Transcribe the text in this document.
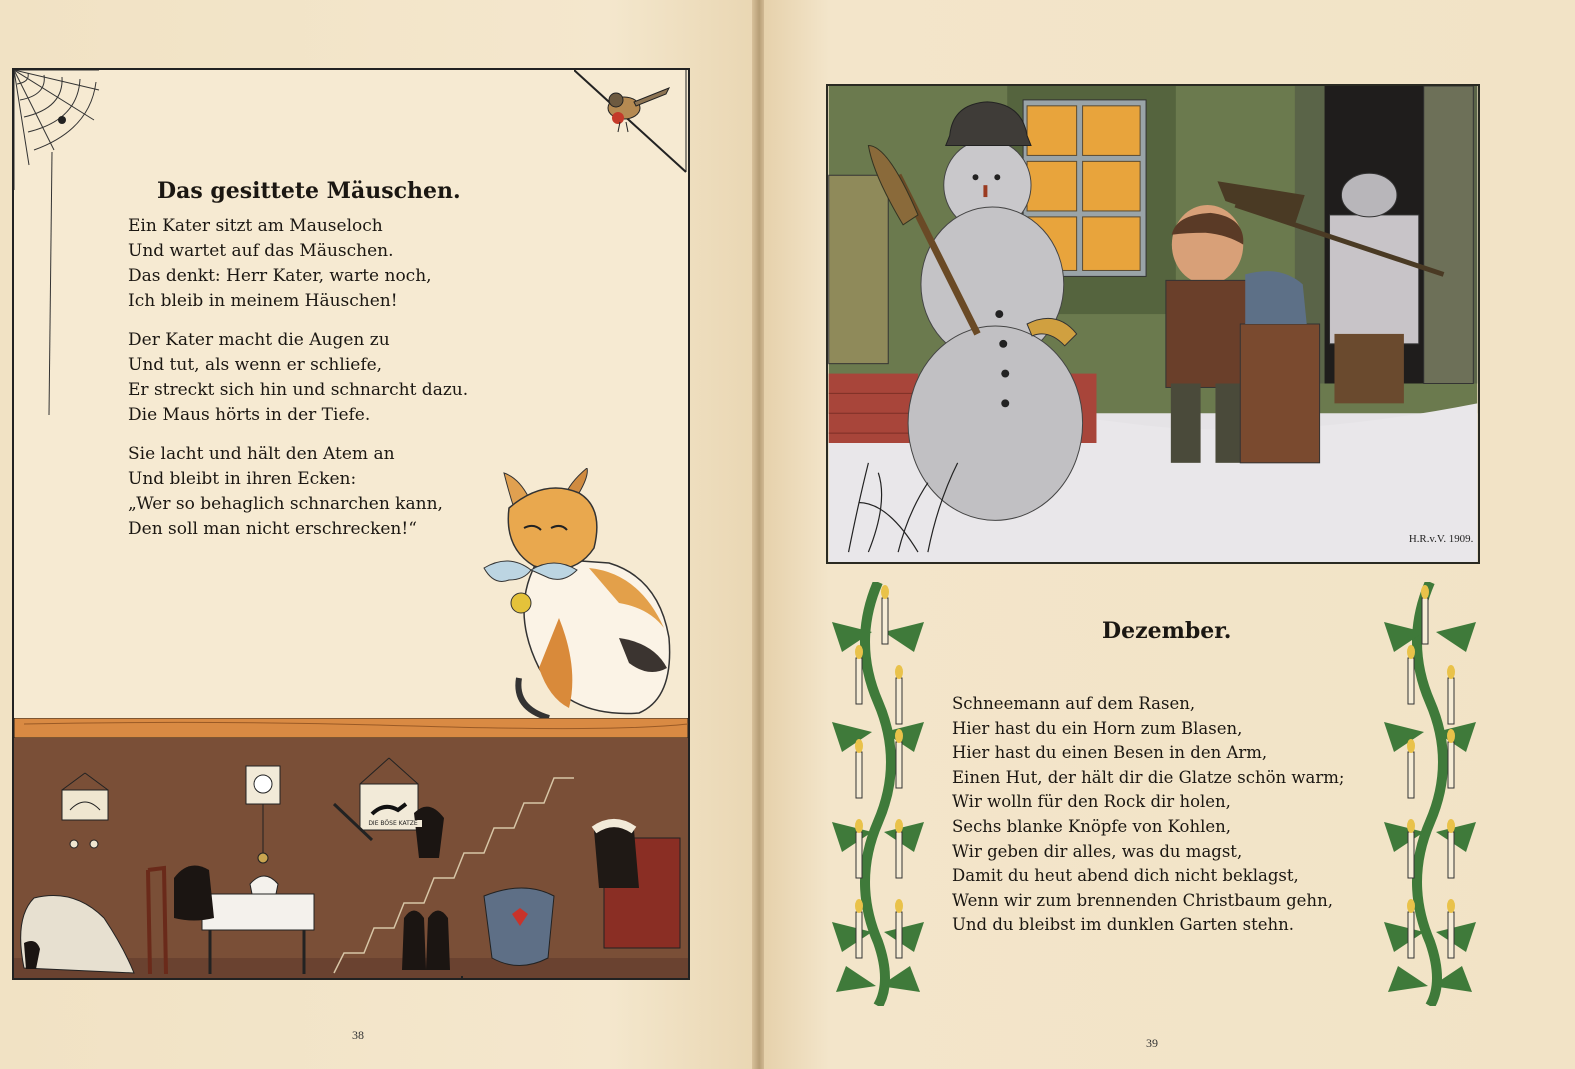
Das gesittete Mäuschen.
Ein Kater sitzt am Mauseloch
Und wartet auf das Mäuschen.
Das denkt: Herr Kater, warte noch,
Ich bleib in meinem Häuschen!
Der Kater macht die Augen zu
Und tut, als wenn er schliefe,
Er streckt sich hin und schnarcht dazu.
Die Maus hörts in der Tiefe.
Sie lacht und hält den Atem an
Und bleibt in ihren Ecken:
„Wer so behaglich schnarchen kann,
Den soll man nicht erschrecken!“
38
39
H.R.v.V. 1909.
Dezember.
Schneemann auf dem Rasen,
Hier hast du ein Horn zum Blasen,
Hier hast du einen Besen in den Arm,
Einen Hut, der hält dir die Glatze schön warm;
Wir wolln für den Rock dir holen,
Sechs blanke Knöpfe von Kohlen,
Wir geben dir alles, was du magst,
Damit du heut abend dich nicht beklagst,
Wenn wir zum brennenden Christbaum gehn,
Und du bleibst im dunklen Garten stehn.
DIE BÖSE KATZE
